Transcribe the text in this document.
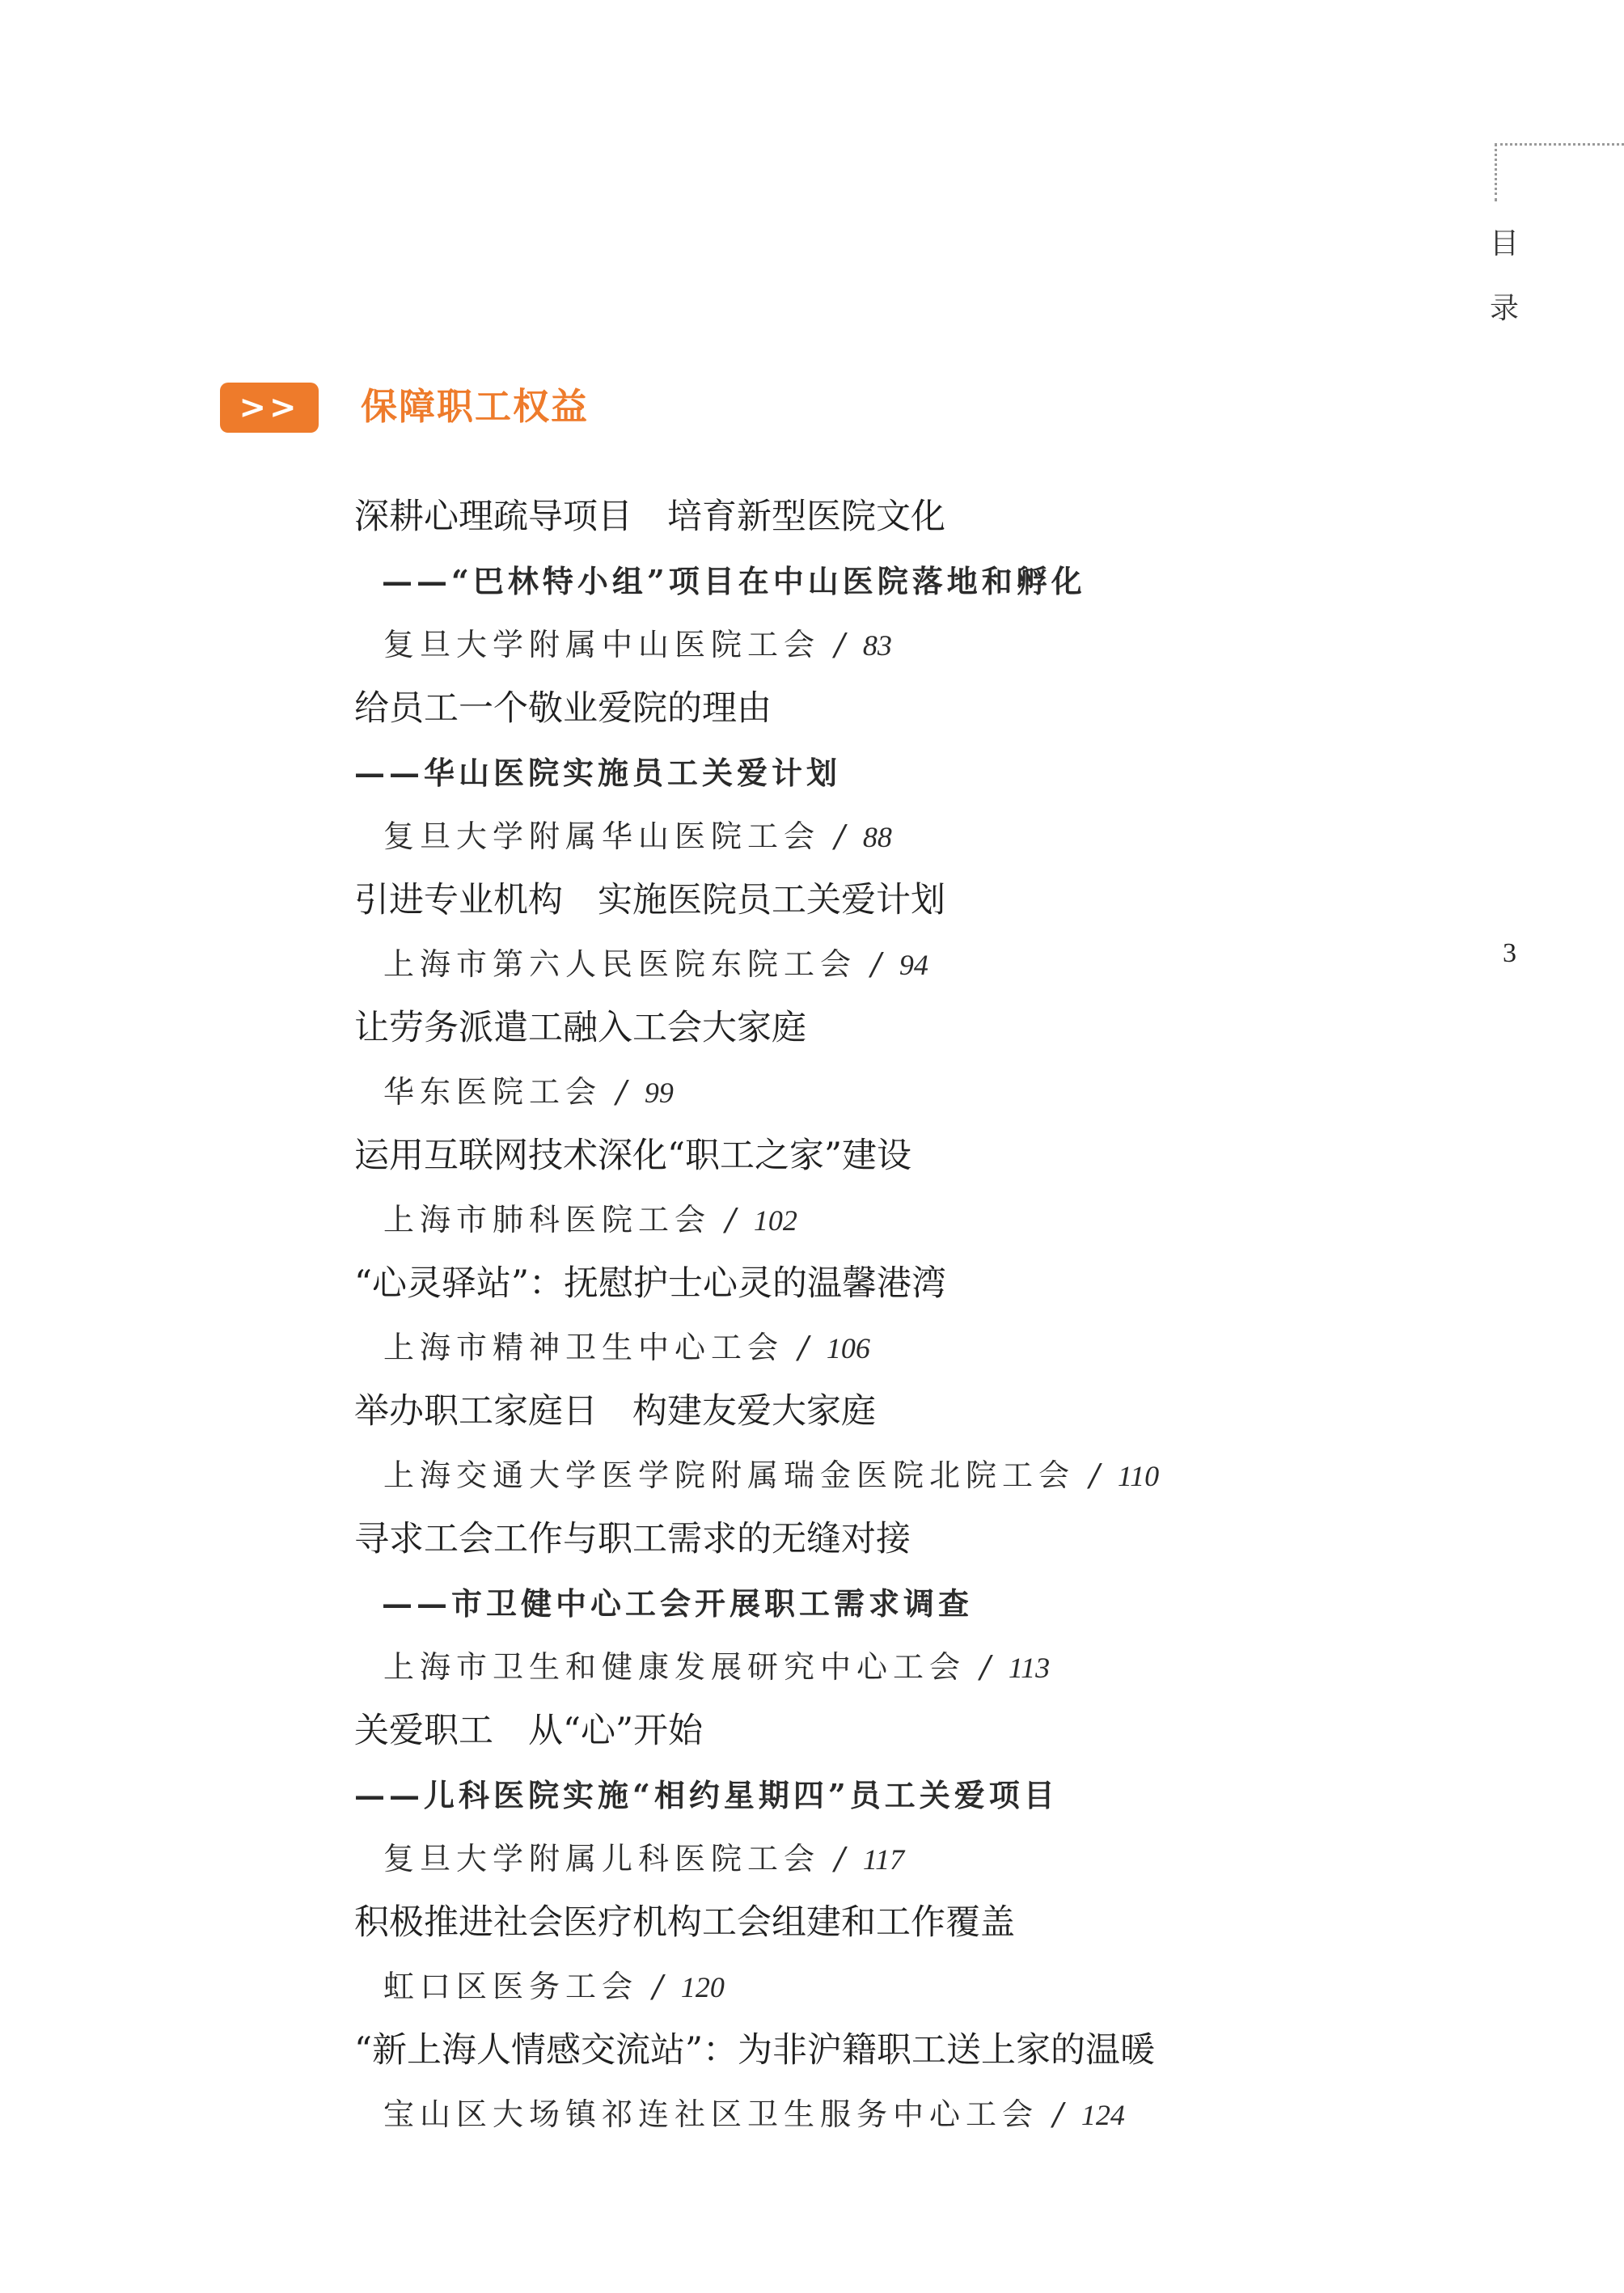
目
录
3
>>	保障职工权益
深耕心理疏导项目　培育新型医院文化
——“巴林特小组”项目在中山医院落地和孵化
复旦大学附属中山医院工会 / 83
给员工一个敬业爱院的理由
——华山医院实施员工关爱计划
复旦大学附属华山医院工会 / 88
引进专业机构　实施医院员工关爱计划
上海市第六人民医院东院工会 / 94
让劳务派遣工融入工会大家庭
华东医院工会 / 99
运用互联网技术深化“职工之家”建设
上海市肺科医院工会 / 102
“心灵驿站”：抚慰护士心灵的温馨港湾
上海市精神卫生中心工会 / 106
举办职工家庭日　构建友爱大家庭
上海交通大学医学院附属瑞金医院北院工会 / 110
寻求工会工作与职工需求的无缝对接
——市卫健中心工会开展职工需求调查
上海市卫生和健康发展研究中心工会 / 113
关爱职工　从“心”开始
——儿科医院实施“相约星期四”员工关爱项目
复旦大学附属儿科医院工会 / 117
积极推进社会医疗机构工会组建和工作覆盖
虹口区医务工会 / 120
“新上海人情感交流站”：为非沪籍职工送上家的温暖
宝山区大场镇祁连社区卫生服务中心工会 / 124
